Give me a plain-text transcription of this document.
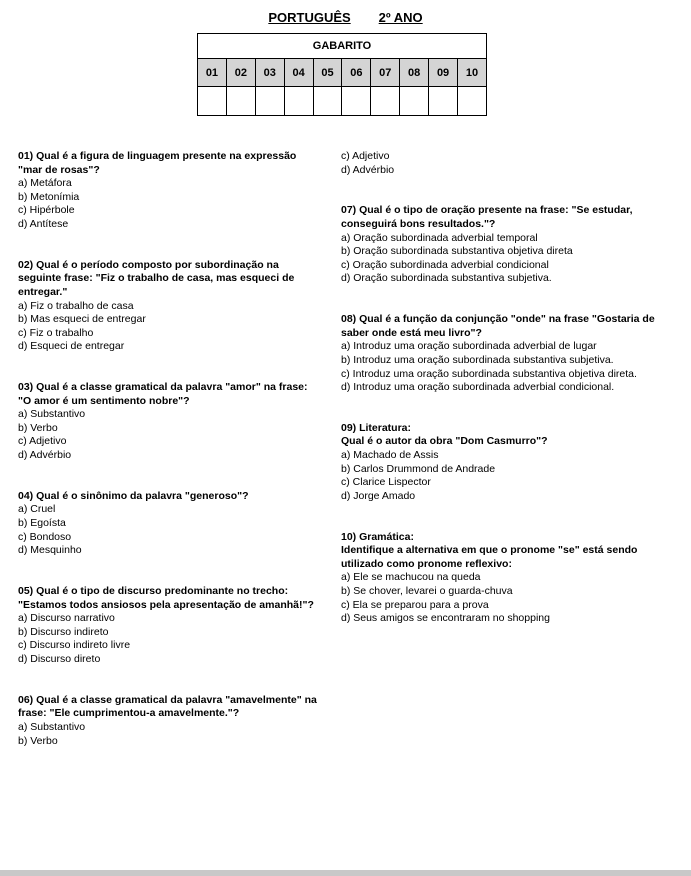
PORTUGUÊS 2º ANO
GABARITO									
01	02	03	04	05	06	07	08	09	10

01) Qual é a figura de linguagem presente na expressão "mar de rosas"?
a) Metáfora
b) Metonímia
c) Hipérbole
d) Antítese
02) Qual é o período composto por subordinação na seguinte frase: "Fiz o trabalho de casa, mas esqueci de entregar."
a) Fiz o trabalho de casa
b) Mas esqueci de entregar
c) Fiz o trabalho
d) Esqueci de entregar
03) Qual é a classe gramatical da palavra "amor" na frase: "O amor é um sentimento nobre"?
a) Substantivo
b) Verbo
c) Adjetivo
d) Advérbio
04) Qual é o sinônimo da palavra "generoso"?
a) Cruel
b) Egoísta
c) Bondoso
d) Mesquinho
05) Qual é o tipo de discurso predominante no trecho: "Estamos todos ansiosos pela apresentação de amanhã!"?
a) Discurso narrativo
b) Discurso indireto
c) Discurso indireto livre
d) Discurso direto
06) Qual é a classe gramatical da palavra "amavelmente" na frase: "Ele cumprimentou-a amavelmente."?
a) Substantivo
b) Verbo
c) Adjetivo
d) Advérbio
07) Qual é o tipo de oração presente na frase: "Se estudar, conseguirá bons resultados."?
a) Oração subordinada adverbial temporal
b) Oração subordinada substantiva objetiva direta
c) Oração subordinada adverbial condicional
d) Oração subordinada substantiva subjetiva.
08) Qual é a função da conjunção "onde" na frase "Gostaria de saber onde está meu livro"?
a) Introduz uma oração subordinada adverbial de lugar
b) Introduz uma oração subordinada substantiva subjetiva.
c) Introduz uma oração subordinada substantiva objetiva direta.
d) Introduz uma oração subordinada adverbial condicional.
09) Literatura:
Qual é o autor da obra "Dom Casmurro"?
a) Machado de Assis
b) Carlos Drummond de Andrade
c) Clarice Lispector
d) Jorge Amado
10) Gramática:
Identifique a alternativa em que o pronome "se" está sendo utilizado como pronome reflexivo:
a) Ele se machucou na queda
b) Se chover, levarei o guarda-chuva
c) Ela se preparou para a prova
d) Seus amigos se encontraram no shopping
